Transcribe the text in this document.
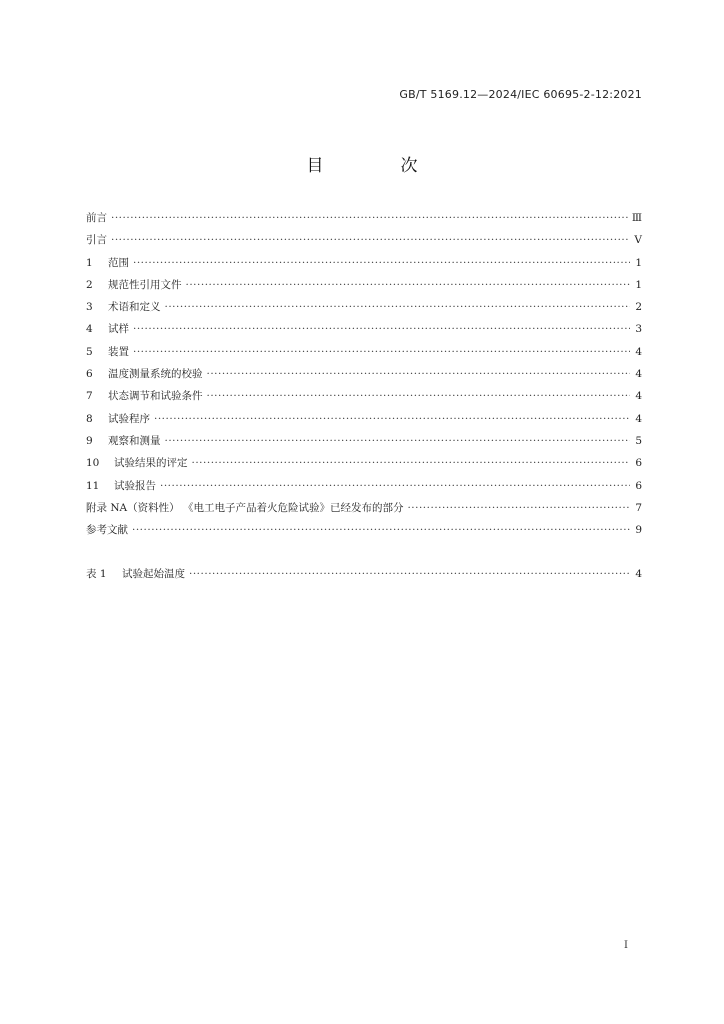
GB/T 5169.12—2024/IEC 60695-2-12:2021
目　次
前言 ·····	Ⅲ
引言 ·····	Ⅴ
1	范围 ·····	1
2	规范性引用文件 ·····	1
3	术语和定义 ·····	2
4	试样 ·····	3
5	装置 ·····	4
6	温度测量系统的校验 ·····	4
7	状态调节和试验条件 ·····	4
8	试验程序 ·····	4
9	观察和测量 ·····	5
10	试验结果的评定 ·····	6
11	试验报告 ·····	6
附录 NA（资料性） 《电工电子产品着火危险试验》已经发布的部分 ·····	7
参考文献 ·····	9
表 1	试验起始温度 ·····	4
Ⅰ
